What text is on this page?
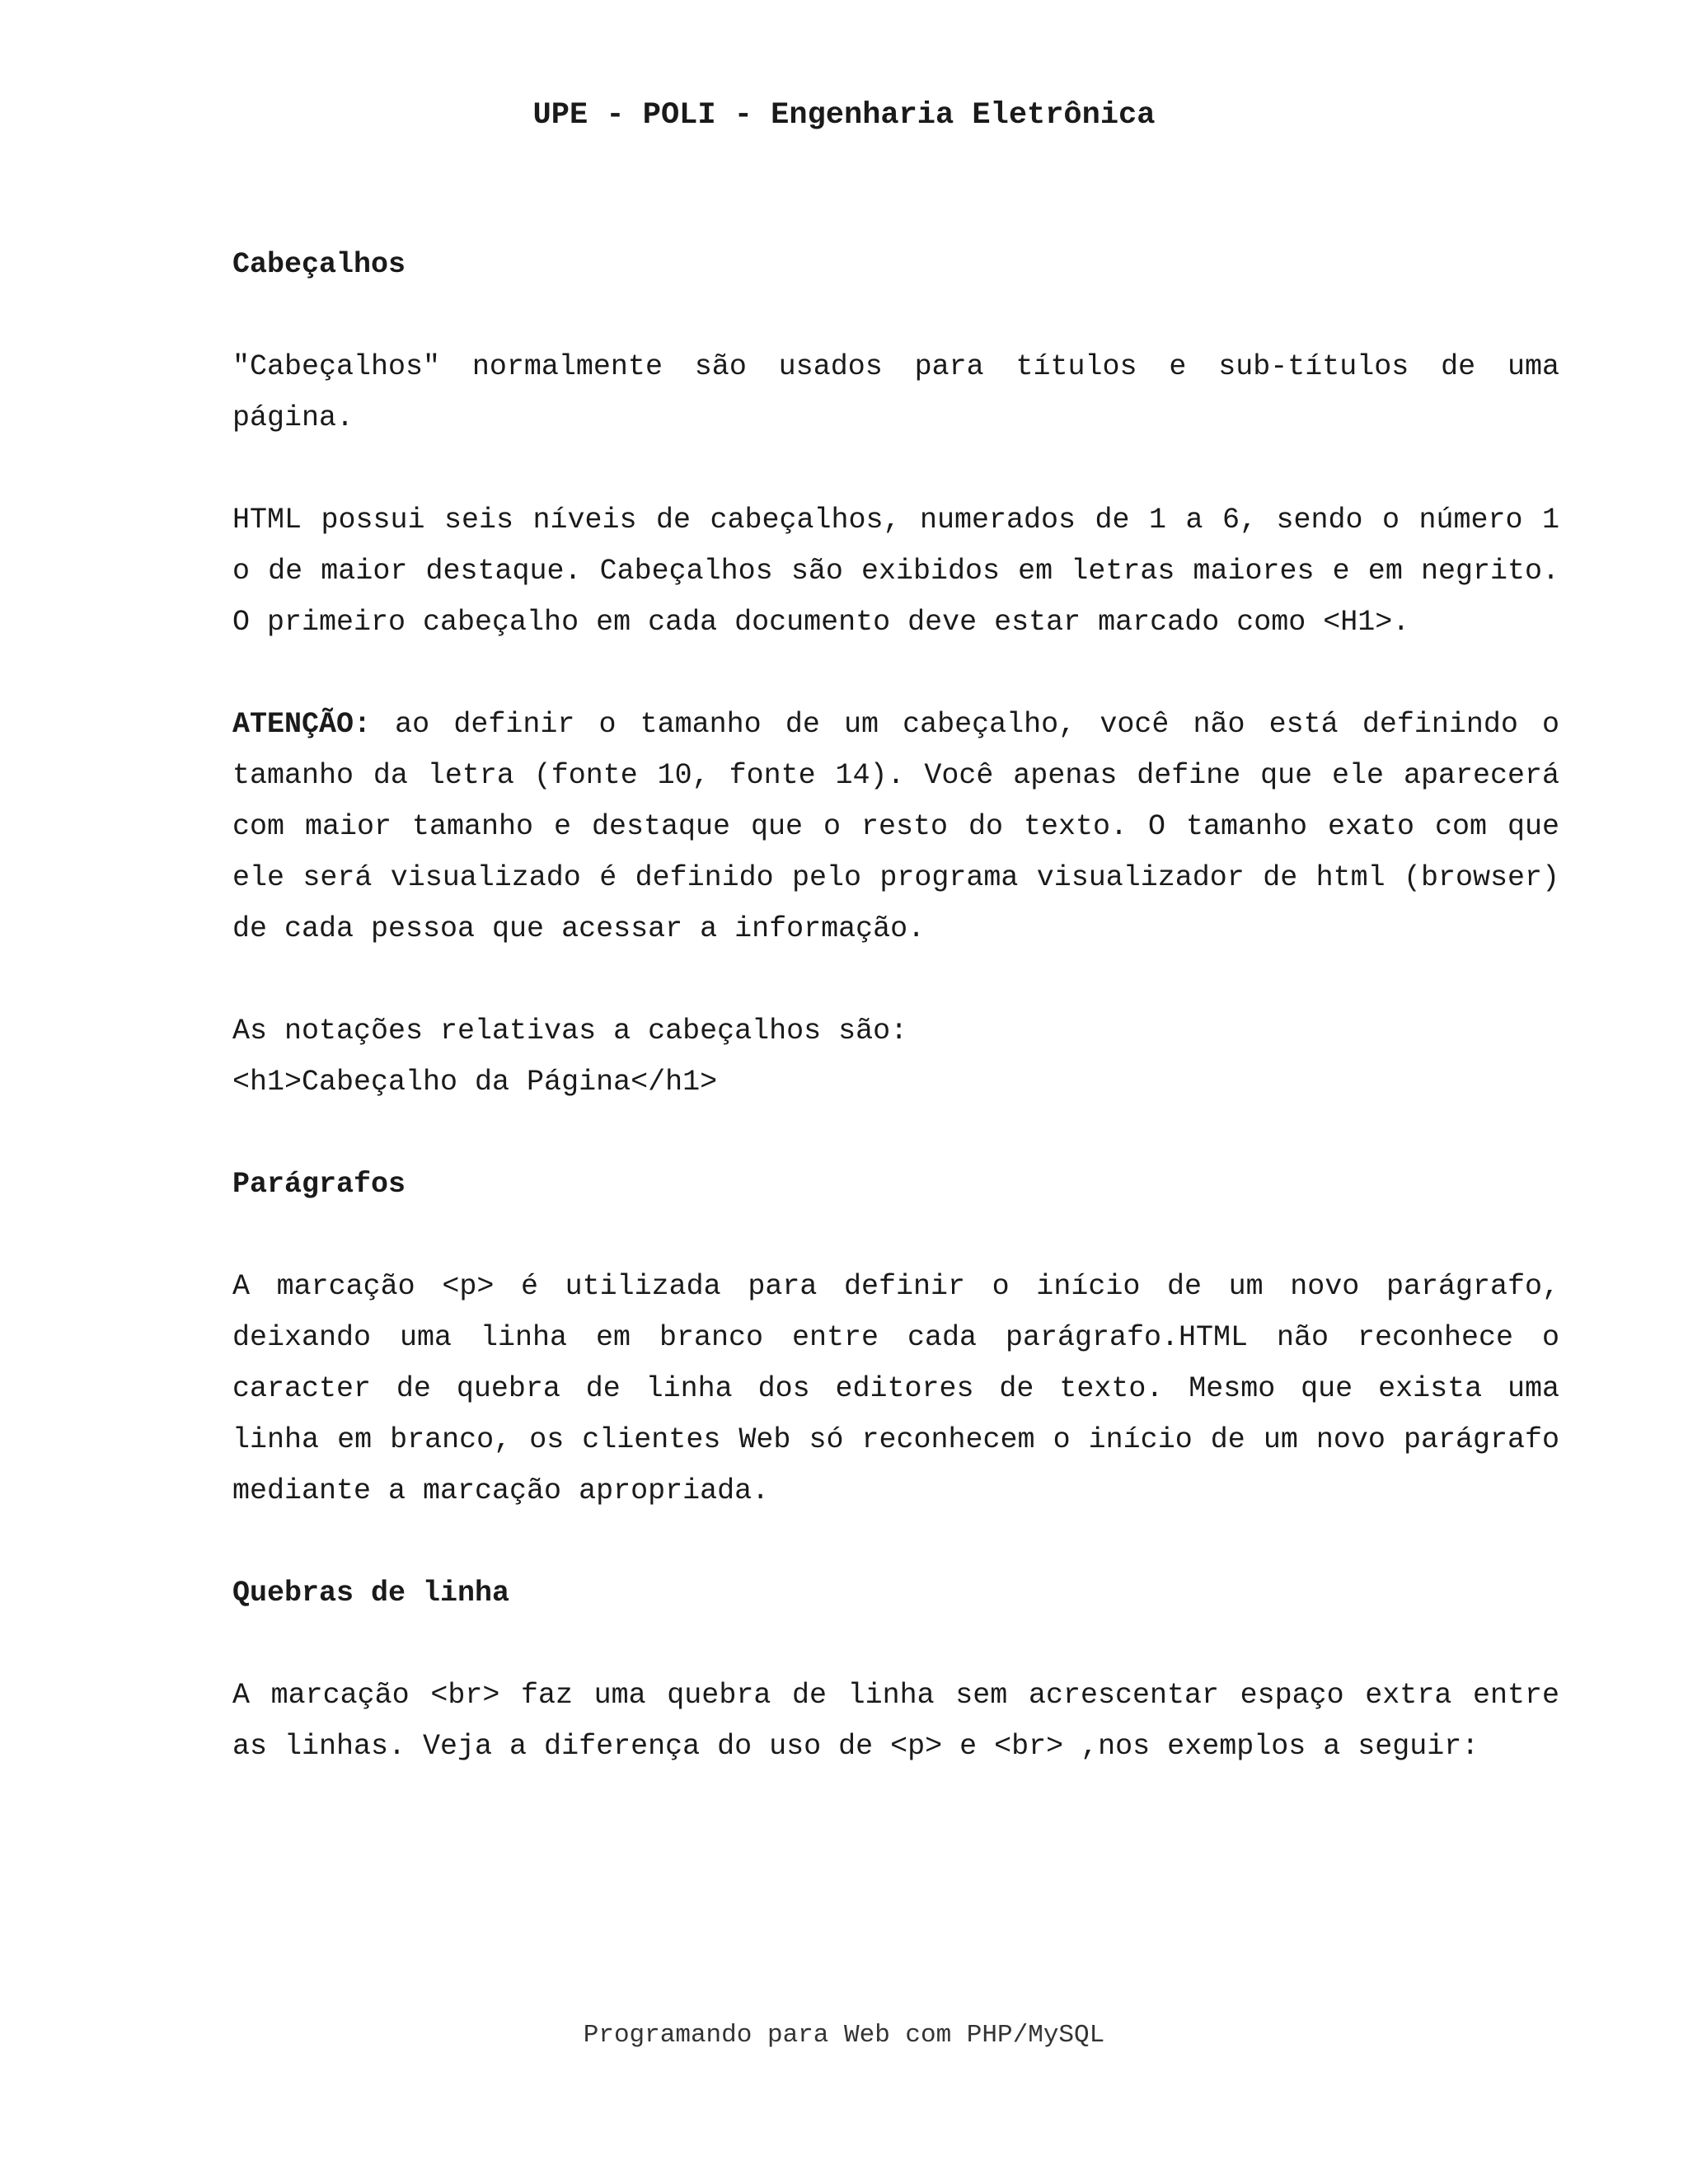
UPE - POLI - Engenharia Eletrônica
Cabeçalhos

"Cabeçalhos" normalmente são usados para títulos e sub-títulos de uma página.

HTML possui seis níveis de cabeçalhos, numerados de 1 a 6, sendo o número 1 o de maior destaque. Cabeçalhos são exibidos em letras maiores e em negrito. O primeiro cabeçalho em cada documento deve estar marcado como <H1>.

ATENÇÃO: ao definir o tamanho de um cabeçalho, você não está definindo o tamanho da letra (fonte 10, fonte 14). Você apenas define que ele aparecerá com maior tamanho e destaque que o resto do texto. O tamanho exato com que ele será visualizado é definido pelo programa visualizador de html (browser) de cada pessoa que acessar a informação.

As notações relativas a cabeçalhos são:
<h1>Cabeçalho da Página</h1>

Parágrafos

A marcação <p> é utilizada para definir o início de um novo parágrafo, deixando uma linha em branco entre cada parágrafo.HTML não reconhece o caracter de quebra de linha dos editores de texto. Mesmo que exista uma linha em branco, os clientes Web só reconhecem o início de um novo parágrafo mediante a marcação apropriada.

Quebras de linha

A marcação <br> faz uma quebra de linha sem acrescentar espaço extra entre as linhas. Veja a diferença do uso de <p> e <br> ,nos exemplos a seguir:

Programando para Web com PHP/MySQL
